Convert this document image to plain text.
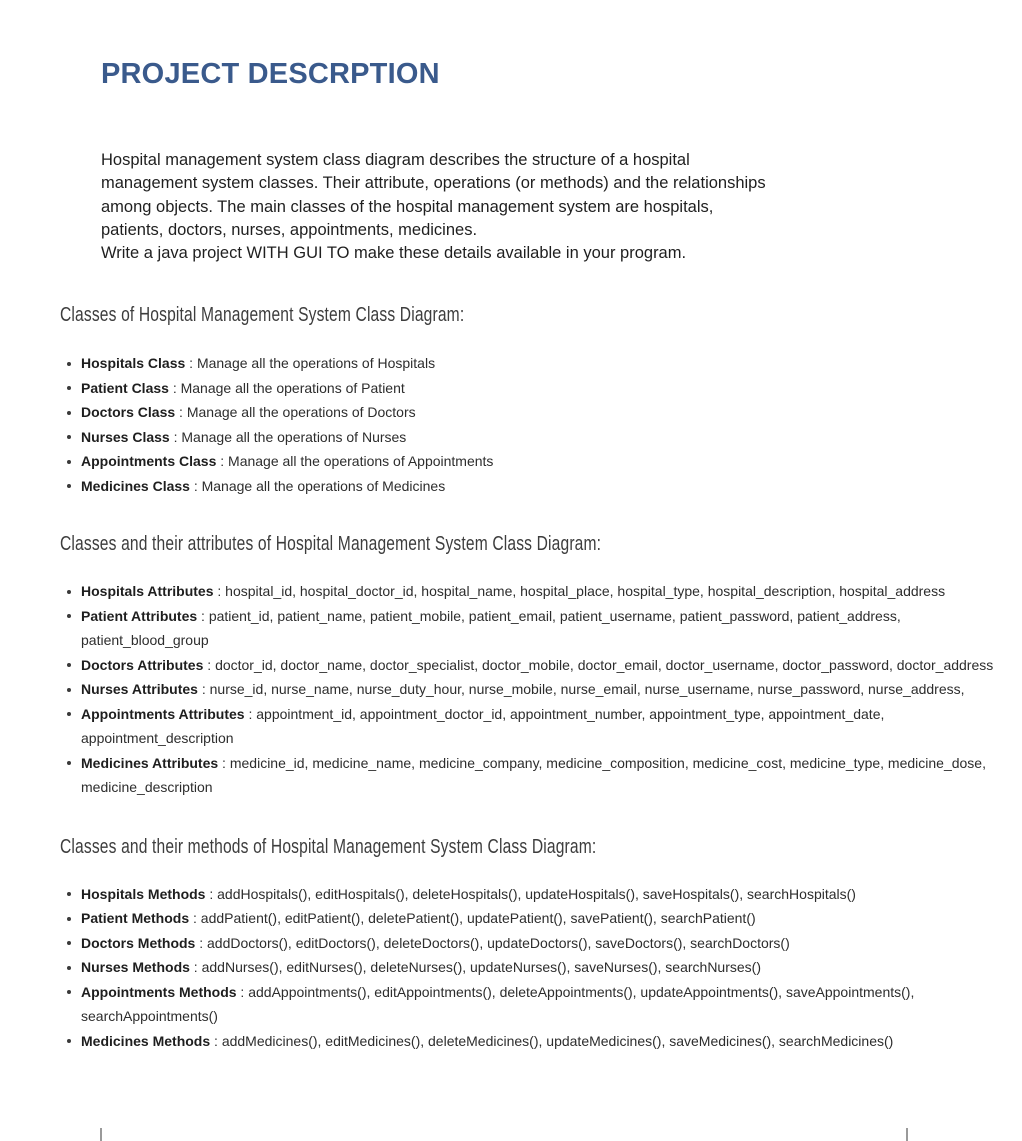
PROJECT DESCRPTION
Hospital management system class diagram describes the structure of a hospital
management system classes. Their attribute, operations (or methods) and the relationships
among objects. The main classes of the hospital management system are hospitals,
patients, doctors, nurses, appointments, medicines.
Write a java project WITH GUI TO make these details available in your program.
Classes of Hospital Management System Class Diagram:
Hospitals Class : Manage all the operations of Hospitals
Patient Class : Manage all the operations of Patient
Doctors Class : Manage all the operations of Doctors
Nurses Class : Manage all the operations of Nurses
Appointments Class : Manage all the operations of Appointments
Medicines Class : Manage all the operations of Medicines
Classes and their attributes of Hospital Management System Class Diagram:
Hospitals Attributes : hospital_id, hospital_doctor_id, hospital_name, hospital_place, hospital_type, hospital_description, hospital_address
Patient Attributes : patient_id, patient_name, patient_mobile, patient_email, patient_username, patient_password, patient_address, patient_blood_group
Doctors Attributes : doctor_id, doctor_name, doctor_specialist, doctor_mobile, doctor_email, doctor_username, doctor_password, doctor_address
Nurses Attributes : nurse_id, nurse_name, nurse_duty_hour, nurse_mobile, nurse_email, nurse_username, nurse_password, nurse_address,
Appointments Attributes : appointment_id, appointment_doctor_id, appointment_number, appointment_type, appointment_date, appointment_description
Medicines Attributes : medicine_id, medicine_name, medicine_company, medicine_composition, medicine_cost, medicine_type, medicine_dose, medicine_description
Classes and their methods of Hospital Management System Class Diagram:
Hospitals Methods : addHospitals(), editHospitals(), deleteHospitals(), updateHospitals(), saveHospitals(), searchHospitals()
Patient Methods : addPatient(), editPatient(), deletePatient(), updatePatient(), savePatient(), searchPatient()
Doctors Methods : addDoctors(), editDoctors(), deleteDoctors(), updateDoctors(), saveDoctors(), searchDoctors()
Nurses Methods : addNurses(), editNurses(), deleteNurses(), updateNurses(), saveNurses(), searchNurses()
Appointments Methods : addAppointments(), editAppointments(), deleteAppointments(), updateAppointments(), saveAppointments(), searchAppointments()
Medicines Methods : addMedicines(), editMedicines(), deleteMedicines(), updateMedicines(), saveMedicines(), searchMedicines()
